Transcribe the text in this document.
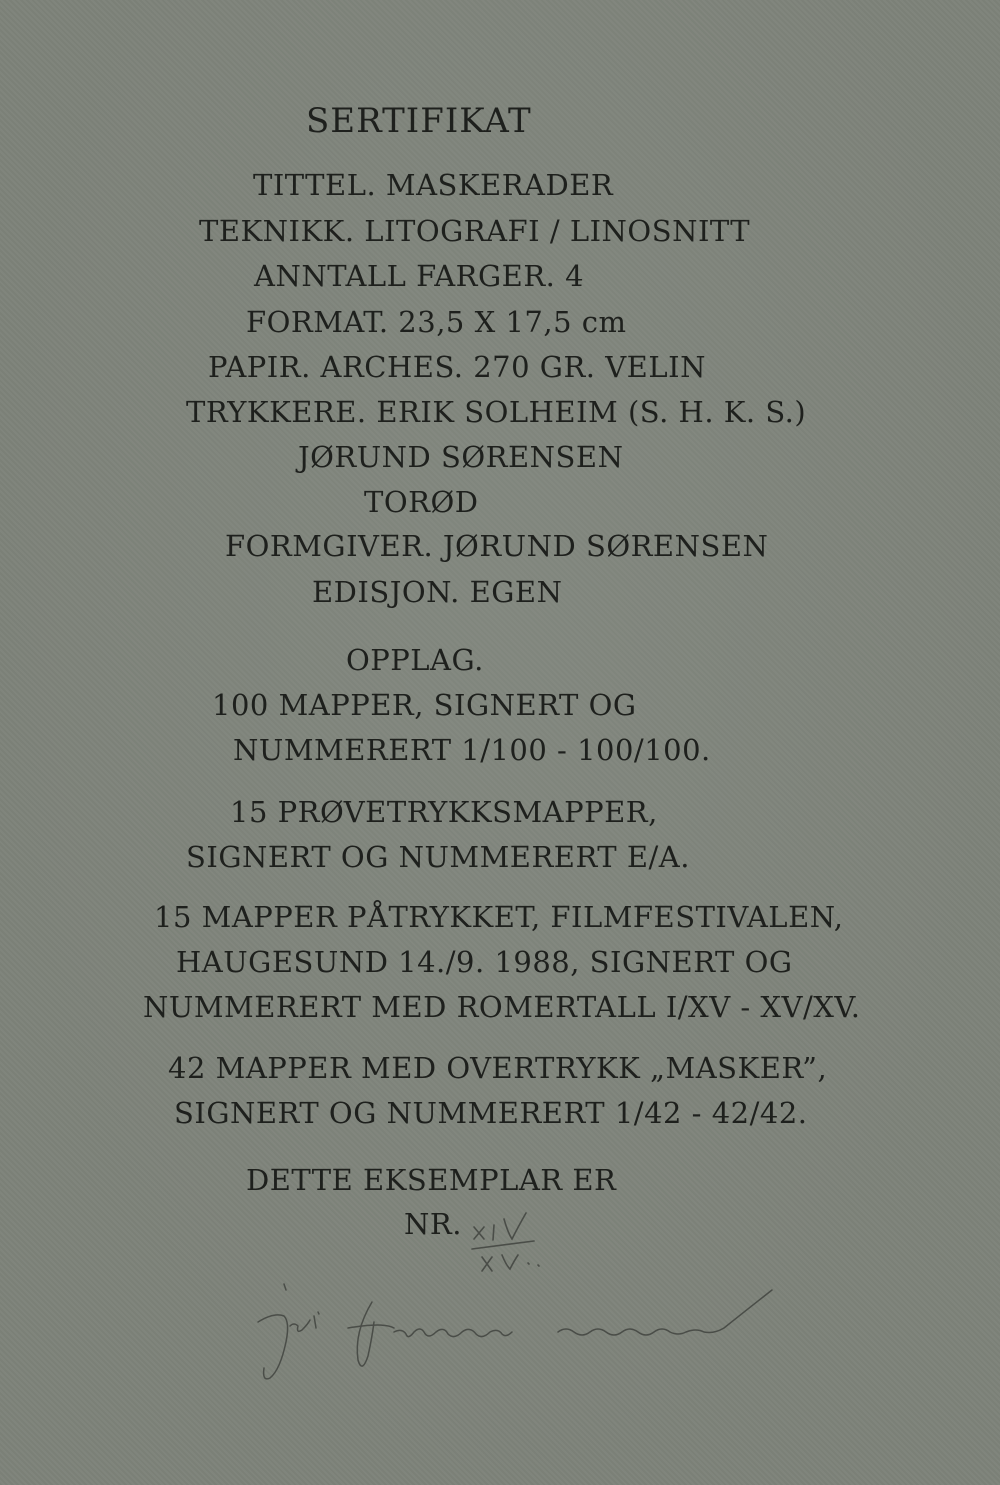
SERTIFIKAT
TITTEL. MASKERADER
TEKNIKK. LITOGRAFI / LINOSNITT
ANNTALL FARGER. 4
FORMAT. 23,5 X 17,5 cm
PAPIR. ARCHES. 270 GR. VELIN
TRYKKERE. ERIK SOLHEIM (S. H. K. S.)
JØRUND SØRENSEN
TORØD
FORMGIVER. JØRUND SØRENSEN
EDISJON. EGEN
OPPLAG.
100 MAPPER, SIGNERT OG
NUMMERERT 1/100 - 100/100.
15 PRØVETRYKKSMAPPER,
SIGNERT OG NUMMERERT E/A.
15 MAPPER PÅTRYKKET, FILMFESTIVALEN,
HAUGESUND 14./9. 1988, SIGNERT OG
NUMMERERT MED ROMERTALL I/XV - XV/XV.
42 MAPPER MED OVERTRYKK „MASKER”,
SIGNERT OG NUMMERERT 1/42 - 42/42.
DETTE EKSEMPLAR ER
NR.
